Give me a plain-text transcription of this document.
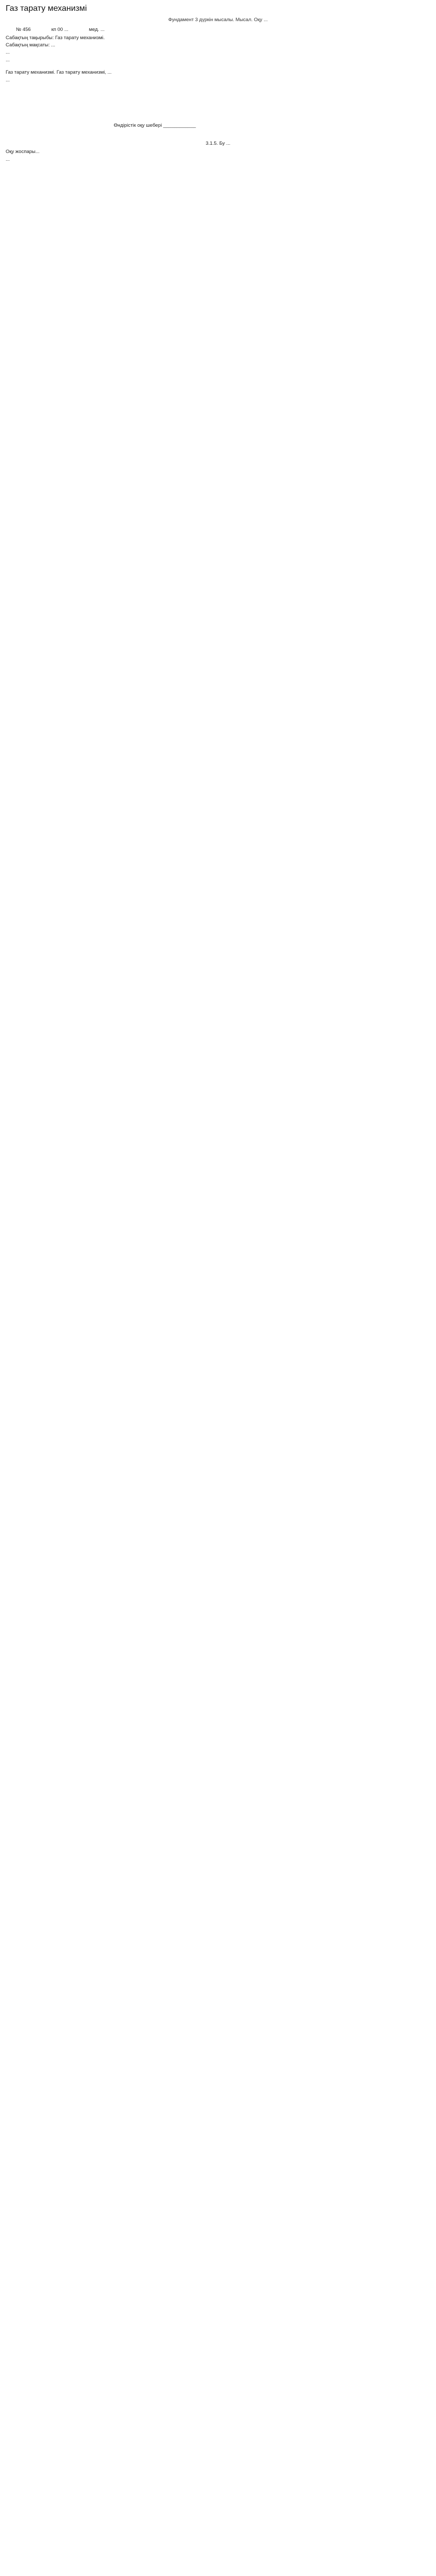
Газ тарату механизмі
Фундамент 3 дүркін мысалы. Мысал. Оқу ...
№ 456	кп 00 ...	мед. ...
Сабақтың тақырыбы: Газ тарату механизмі.
Сабақтың мақсаты: ...
...
...
Газ тарату механизмі. Газ тарату механизмі, ...
...
Өндірістік оқу шебері ____________
3.1.5. Бу ...
Оқу жоспары...
...
